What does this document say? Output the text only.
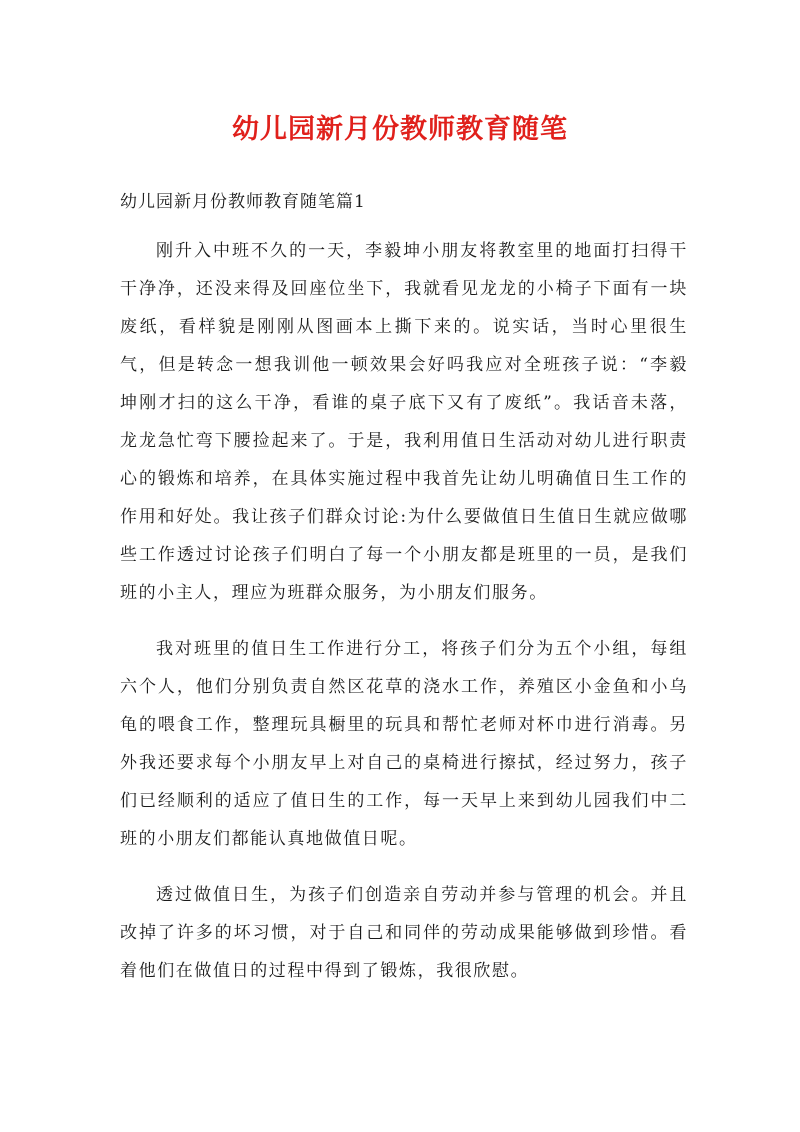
幼儿园新月份教师教育随笔
幼儿园新月份教师教育随笔篇1

刚升入中班不久的一天，李毅坤小朋友将教室里的地面打扫得干干净净，还没来得及回座位坐下，我就看见龙龙的小椅子下面有一块废纸，看样貌是刚刚从图画本上撕下来的。说实话，当时心里很生气，但是转念一想我训他一顿效果会好吗我应对全班孩子说：“李毅坤刚才扫的这么干净，看谁的桌子底下又有了废纸”。我话音未落，龙龙急忙弯下腰捡起来了。于是，我利用值日生活动对幼儿进行职责心的锻炼和培养，在具体实施过程中我首先让幼儿明确值日生工作的作用和好处。我让孩子们群众讨论:为什么要做值日生值日生就应做哪些工作透过讨论孩子们明白了每一个小朋友都是班里的一员，是我们班的小主人，理应为班群众服务，为小朋友们服务。

我对班里的值日生工作进行分工，将孩子们分为五个小组，每组六个人，他们分别负责自然区花草的浇水工作，养殖区小金鱼和小乌龟的喂食工作，整理玩具橱里的玩具和帮忙老师对杯巾进行消毒。另外我还要求每个小朋友早上对自己的桌椅进行擦拭，经过努力，孩子们已经顺利的适应了值日生的工作，每一天早上来到幼儿园我们中二班的小朋友们都能认真地做值日呢。

透过做值日生，为孩子们创造亲自劳动并参与管理的机会。并且改掉了许多的坏习惯，对于自己和同伴的劳动成果能够做到珍惜。看着他们在做值日的过程中得到了锻炼，我很欣慰。
